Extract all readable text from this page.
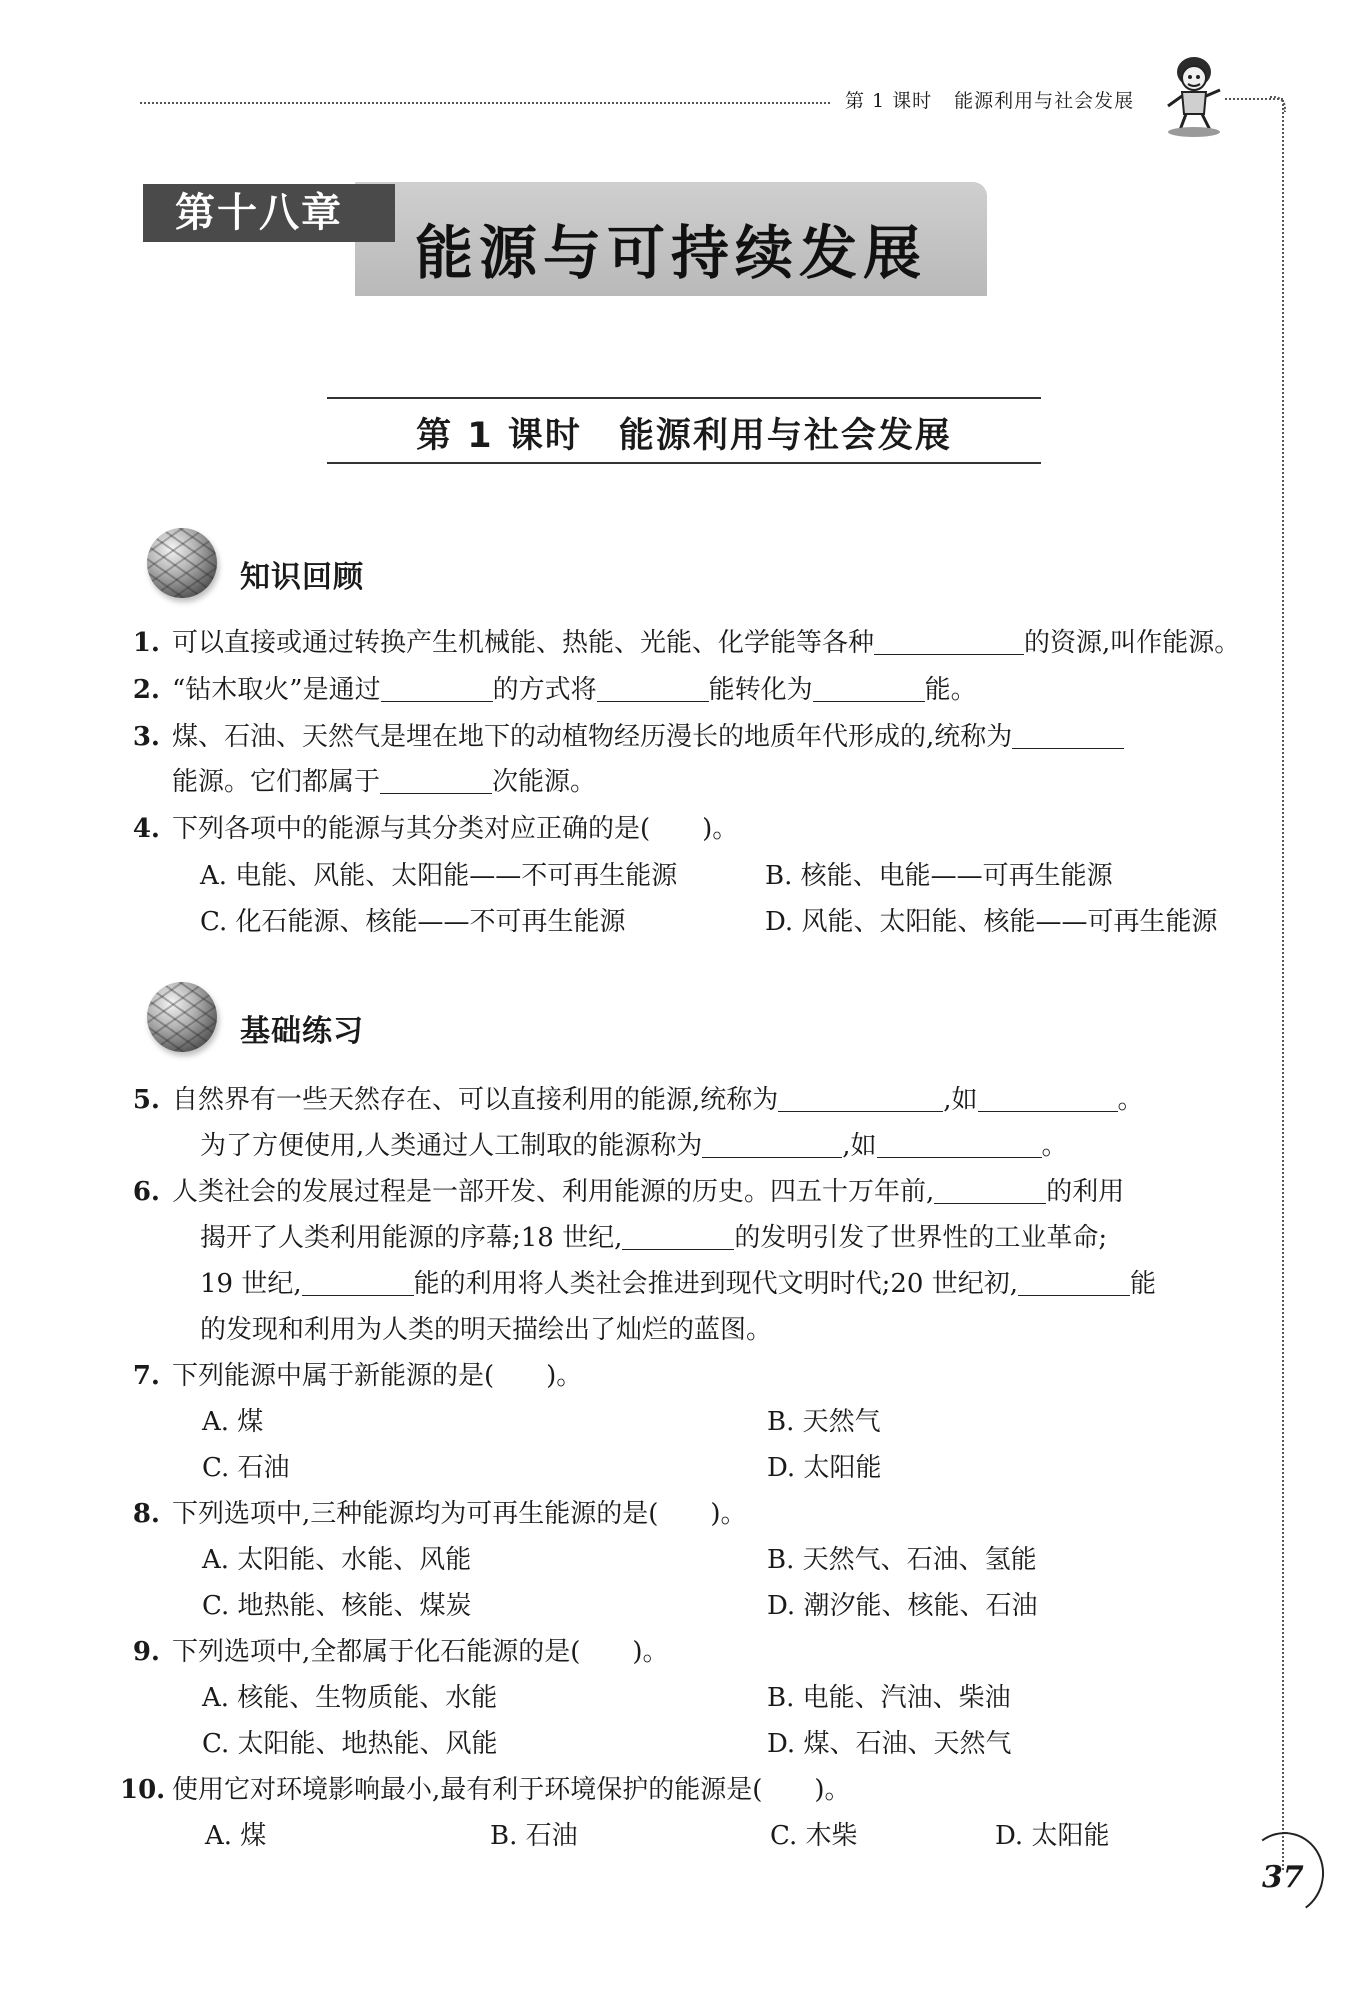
第 1 课时 能源利用与社会发展
第十八章
能源与可持续发展
第 1 课时　能源利用与社会发展
知识回顾
1. 可以直接或通过转换产生机械能、热能、光能、化学能等各种	的资源,叫作能源。
2. “钻木取火”是通过	的方式将	能转化为	能。
3. 煤、石油、天然气是埋在地下的动植物经历漫长的地质年代形成的,统称为
能源。它们都属于	次能源。
4. 下列各项中的能源与其分类对应正确的是(　　)。
A. 电能、风能、太阳能——不可再生能源	B. 核能、电能——可再生能源
C. 化石能源、核能——不可再生能源	D. 风能、太阳能、核能——可再生能源
基础练习
5. 自然界有一些天然存在、可以直接利用的能源,统称为	,如	。
为了方便使用,人类通过人工制取的能源称为	,如	。
6. 人类社会的发展过程是一部开发、利用能源的历史。四五十万年前,	的利用
揭开了人类利用能源的序幕;18 世纪,	的发明引发了世界性的工业革命;
19 世纪,	能的利用将人类社会推进到现代文明时代;20 世纪初,	能
的发现和利用为人类的明天描绘出了灿烂的蓝图。
7. 下列能源中属于新能源的是(　　)。
A. 煤	B. 天然气
C. 石油	D. 太阳能
8. 下列选项中,三种能源均为可再生能源的是(　　)。
A. 太阳能、水能、风能	B. 天然气、石油、氢能
C. 地热能、核能、煤炭	D. 潮汐能、核能、石油
9. 下列选项中,全都属于化石能源的是(　　)。
A. 核能、生物质能、水能	B. 电能、汽油、柴油
C. 太阳能、地热能、风能	D. 煤、石油、天然气
10. 使用它对环境影响最小,最有利于环境保护的能源是(　　)。
A. 煤	B. 石油	C. 木柴	D. 太阳能
37
